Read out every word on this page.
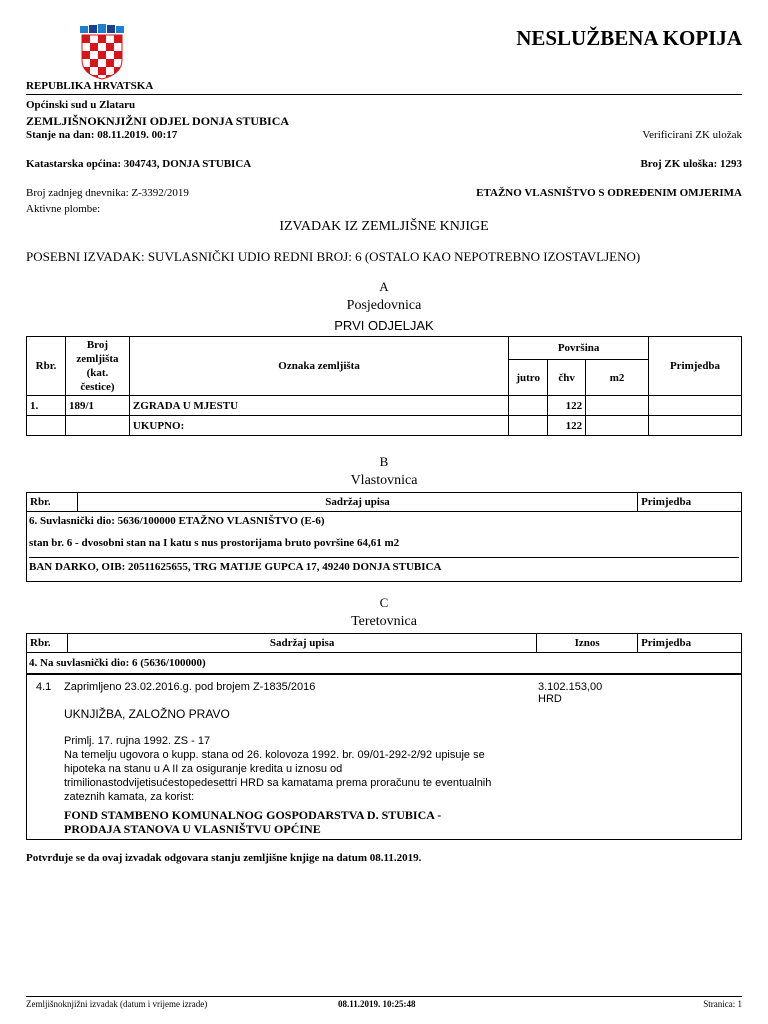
NESLUŽBENA KOPIJA
REPUBLIKA HRVATSKA
Općinski sud u Zlataru
ZEMLJIŠNOKNJIŽNI ODJEL DONJA STUBICA
Stanje na dan: 08.11.2019. 00:17	Verificirani ZK uložak
Katastarska općina: 304743, DONJA STUBICA	Broj ZK uloška: 1293
Broj zadnjeg dnevnika: Z-3392/2019	ETAŽNO VLASNIŠTVO S ODREĐENIM OMJERIMA
Aktivne plombe:
IZVADAK IZ ZEMLJIŠNE KNJIGE
POSEBNI IZVADAK: SUVLASNIČKI UDIO REDNI BROJ: 6 (OSTALO KAO NEPOTREBNO IZOSTAVLJENO)
A
Posjedovnica
PRVI ODJELJAK
Rbr.	Broj zemljišta (kat. čestice)	Oznaka zemljišta	Površina			Primjedba
			jutro	čhv	m2	
1.	189/1	ZGRADA U MJESTU		122		
		UKUPNO:		122		
B
Vlastovnica
Rbr.	Sadržaj upisa	Primjedba
6. Suvlasnički dio: 5636/100000 ETAŽNO VLASNIŠTVO (E-6)
stan br. 6 - dvosobni stan na I katu s nus prostorijama bruto površine 64,61 m2
BAN DARKO, OIB: 20511625655, TRG MATIJE GUPCA 17, 49240 DONJA STUBICA
C
Teretovnica
Rbr.	Sadržaj upisa	Iznos	Primjedba
4. Na suvlasnički dio: 6 (5636/100000)
4.1 Zaprimljeno 23.02.2016.g. pod brojem Z-1835/2016	3.102.153,00
HRD
UKNJIŽBA, ZALOŽNO PRAVO
Primlj. 17. rujna 1992. ZS - 17
Na temelju ugovora o kupp. stana od 26. kolovoza 1992. br. 09/01-292-2/92 upisuje se
hipoteka na stanu u A II za osiguranje kredita u iznosu od
trimilionastodvijetisućestopedesettri HRD sa kamatama prema proračunu te eventualnih
zateznih kamata, za korist:
FOND STAMBENO KOMUNALNOG GOSPODARSTVA D. STUBICA -
PRODAJA STANOVA U VLASNIŠTVU OPĆINE
Potvrđuje se da ovaj izvadak odgovara stanju zemljišne knjige na datum 08.11.2019.
Zemljišnoknjižni izvadak (datum i vrijeme izrade)	08.11.2019. 10:25:48	Stranica: 1
